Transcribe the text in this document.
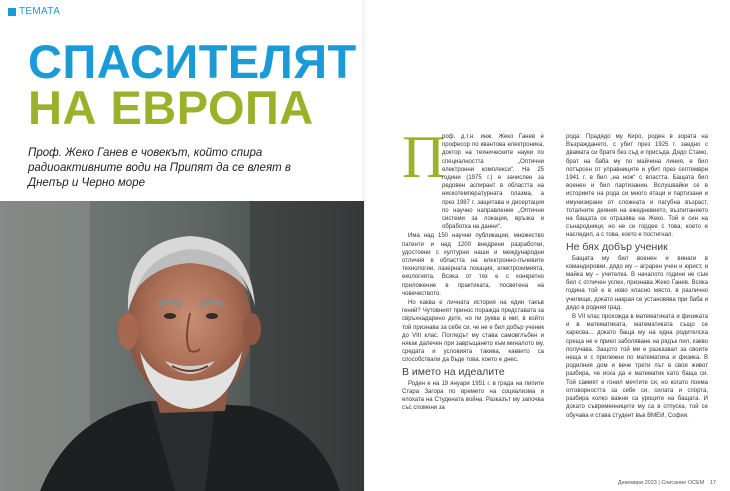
ТЕМАТА
СПАСИТЕЛЯТ
НА ЕВРОПА
Проф. Жеко Ганев е човекът, който спира радиоактивните води на Припят да се влеят в Днепър и Черно море	П

роф. д.т.н. инж. Жеко Ганев е професор по квантова електроника, доктор на техническите науки по специалността „Оптични електронни комплекси“. На 25 години (1975 г.) е зачислен за редовен аспирант в областта на нискотемпературната плазма, а през 1987 г. защитава и дисертация по научно направление „Оптични системи за локация, връзка и обработка на данни“.

Има над 150 научни публикации, множество патенти и над 1200 внедрени разработки, удостоени с културни наши и международни отличия в областта на електронно-лъчевите технологии, лазерната локация, електрохимията, екологията. Всяка от тях е с конкретно приложение в практиката, посветена на човечеството.

Но каква е личната история на един такъв гений? Чутовният принос поражда представата за свръхнадарено дете, но пи руква в миг, в който той признава за себе си, че не е бил добър ученик до VIII клас. Погледът му става самовглъбен и някак далечен при завръщането към миналото му, средата и условията такива, каквито са способствали да бъде това, което е днес.

В името на идеалите

Роден е на 19 януари 1951 г. в града на липите Стара Загора по времето на социализма и епохата на Студената война. Разказът му започва със спомени за

рода: Прадядо му Киро, роден в зората на Възраждането, с убит през 1925 г. заедно с двамата си братя без съд и присъда. Дядо Стамо, брат на баба му по майчина линия, е бил потърсен от управниците и убит през септември 1941 г. в бил „на нож“ с властта. Бащата бил военен и бил партизанин. Вслушвайки се в историите на рода си много ятаци и партизани и имунизирани от сложната и пагубна възраст, тоталните деяния на ежедневието, възпитанието на бащата се отразява на Жеко. Той е син на сънародници, но не се гордее с това, което е наследил, а с това, което е постигнал.

Не бях добър ученик

Бащата му бил военен и винаги в командировки, дядо му – аграрен учен и юрист, и майка му – учителка. В началото години не съм бил с отличен успех, признава Жеко Ганев. Всяка година той е в ново класно място, в различно училище, докато накрая се установява при баба и дядо в родния град.

В VII клас прохожда в математиката и физиката и в математиката, математиката също се харесва... докато баща му на една родителска среща не е приел заболяване на рядък пил, какво получава. Защото той ми е разказвал за своите неща и с прилежни по математика и физика. В родилния дом и вече трети път в своя живот разбира, че иска да е математик като баща си. Той самият е гонил мечтите си, но когато поема отговорността за себе си, силата и спорта, разбира колко важни са уроците на бащата. И докато съвременниците му са в отпуска, той се обучава и става студент във ВМЕИ, София.

Декември 2023 | Списание ОСЕМ 17
